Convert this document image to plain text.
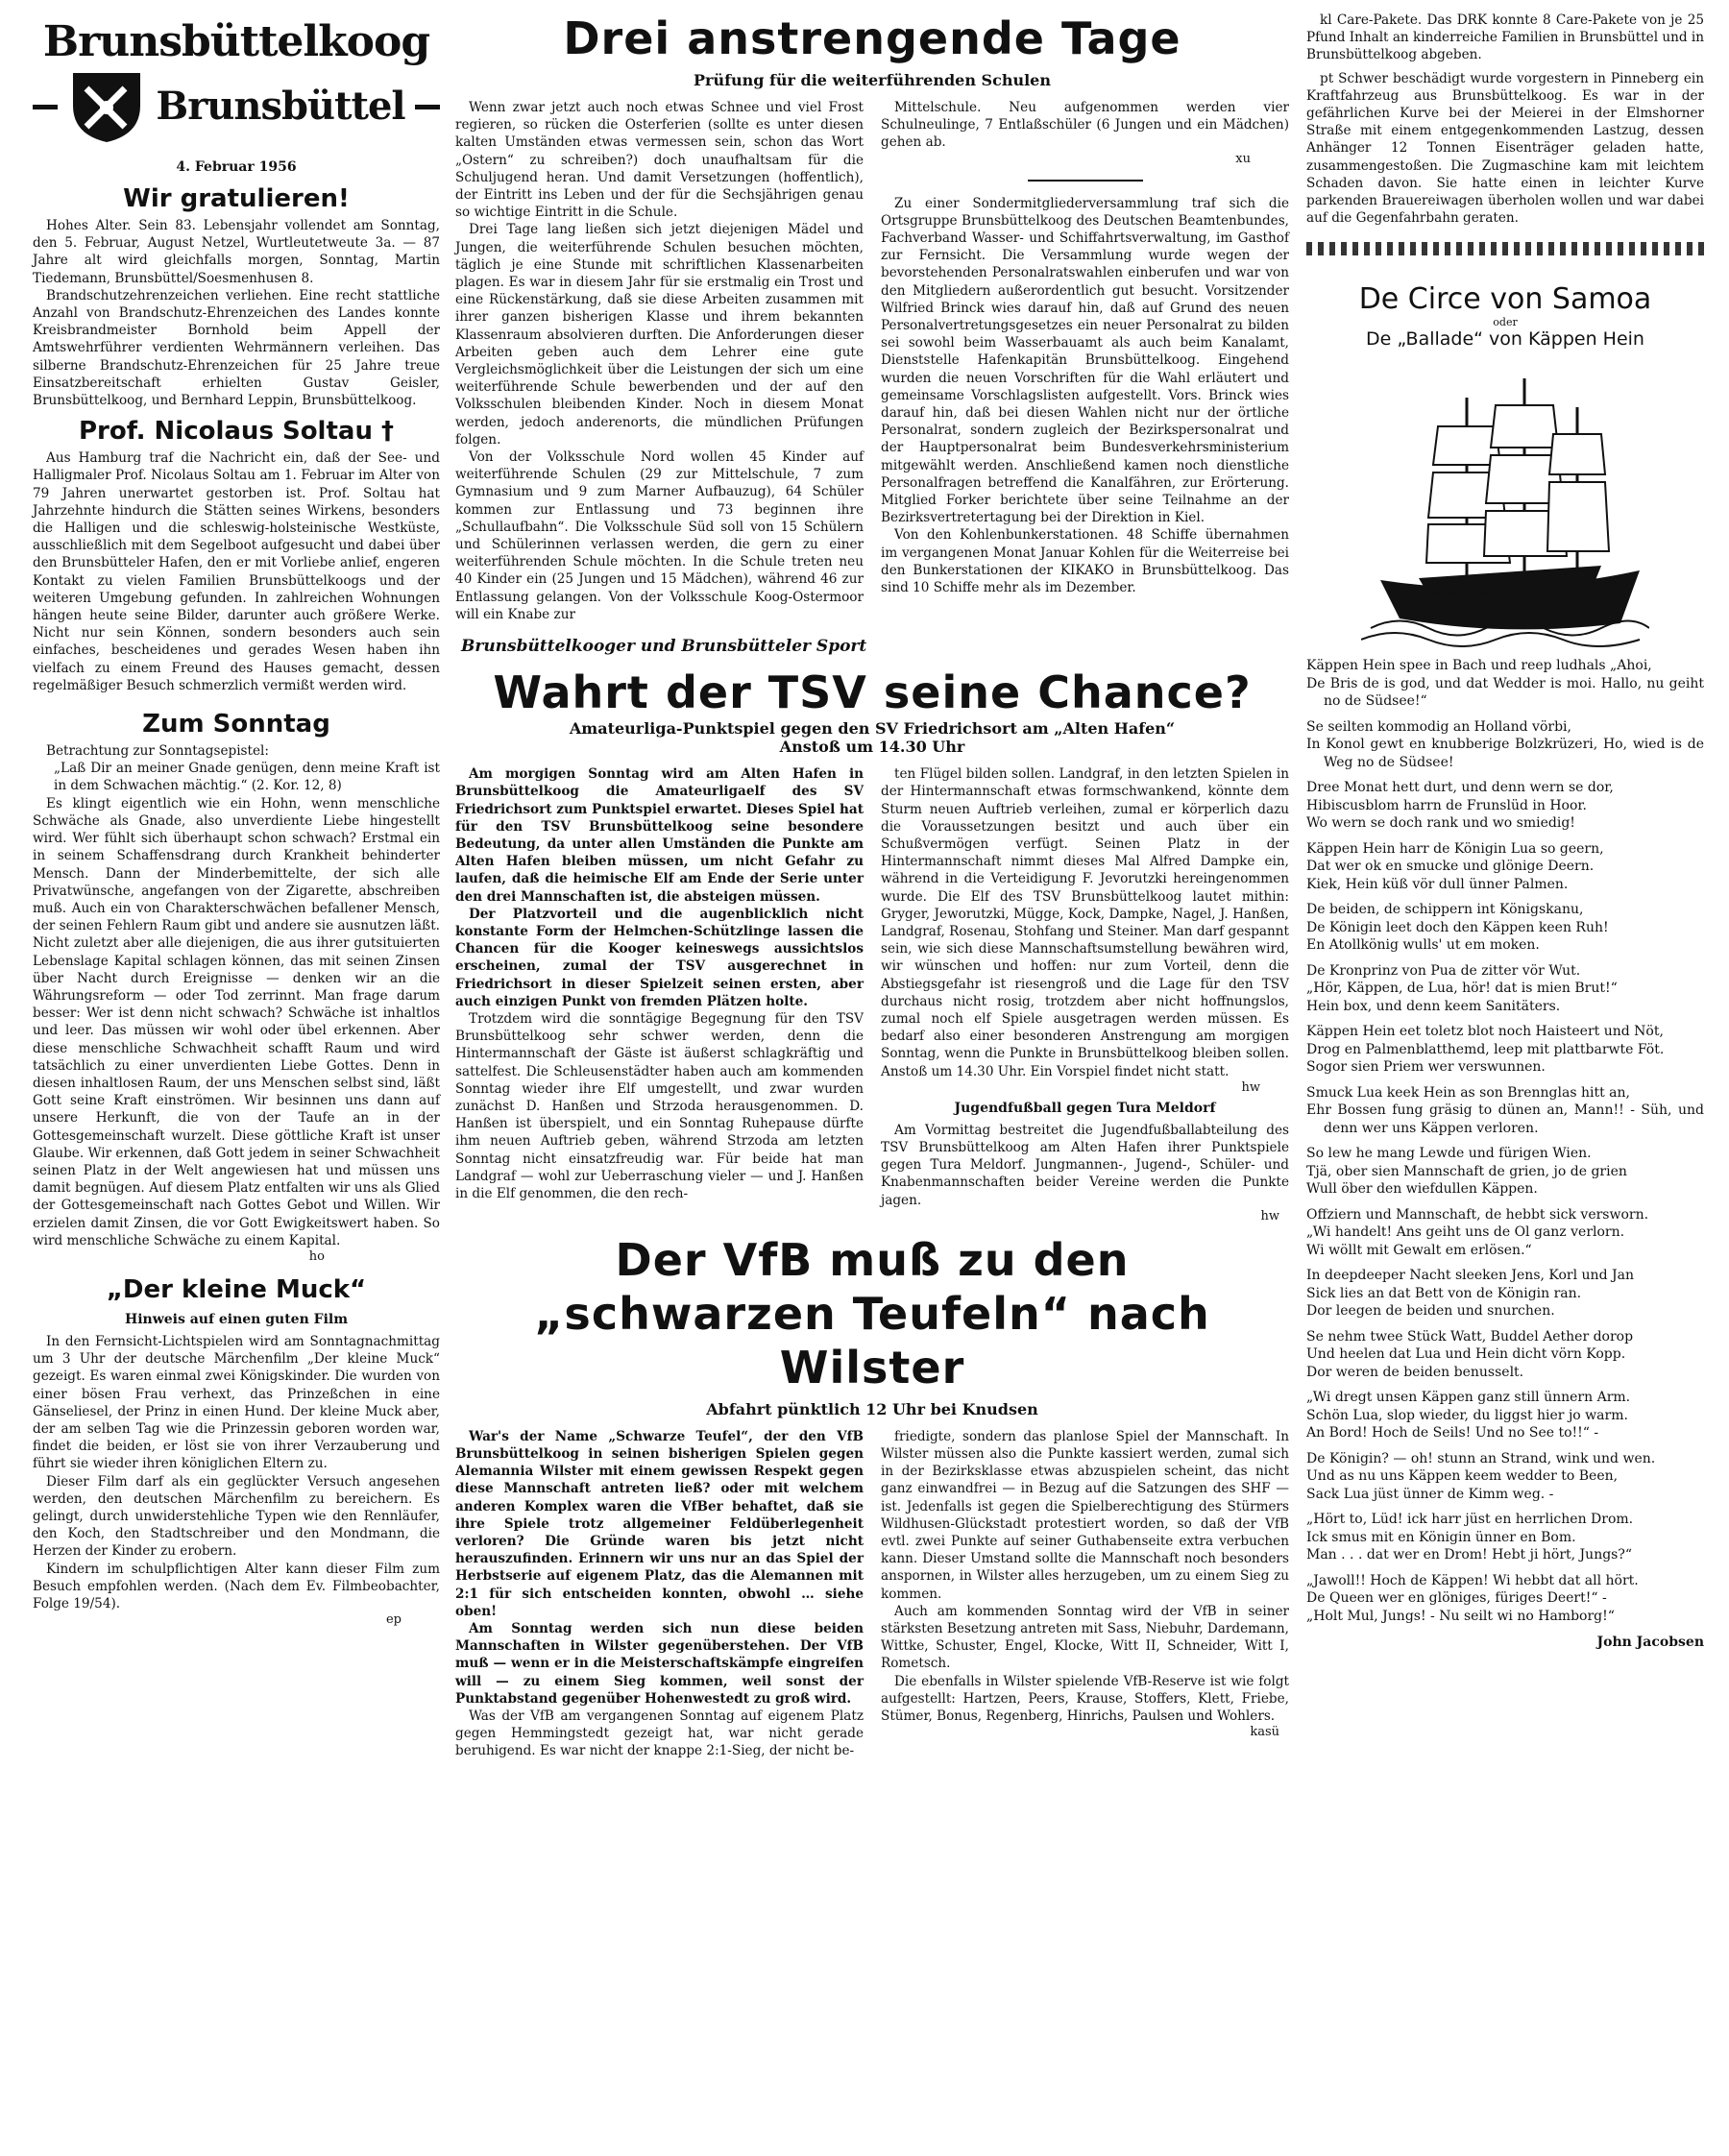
Brunsbüttelkoog
Brunsbüttel
4. Februar 1956
Wir gratulieren!

Hohes Alter. Sein 83. Lebensjahr vollendet am Sonntag, den 5. Februar, August Netzel, Wurtleutetweute 3a. — 87 Jahre alt wird gleichfalls morgen, Sonntag, Martin Tiedemann, Brunsbüttel/Soesmenhusen 8.

Brandschutzehrenzeichen verliehen. Eine recht stattliche Anzahl von Brandschutz-Ehrenzeichen des Landes konnte Kreisbrandmeister Bornhold beim Appell der Amtswehrführer verdienten Wehrmännern verleihen. Das silberne Brandschutz-Ehrenzeichen für 25 Jahre treue Einsatzbereitschaft erhielten Gustav Geisler, Brunsbüttelkoog, und Bernhard Leppin, Brunsbüttelkoog.

Prof. Nicolaus Soltau †

Aus Hamburg traf die Nachricht ein, daß der See- und Halligmaler Prof. Nicolaus Soltau am 1. Februar im Alter von 79 Jahren unerwartet gestorben ist. Prof. Soltau hat Jahrzehnte hindurch die Stätten seines Wirkens, besonders die Halligen und die schleswig-holsteinische Westküste, ausschließlich mit dem Segelboot aufgesucht und dabei über den Brunsbütteler Hafen, den er mit Vorliebe anlief, engeren Kontakt zu vielen Familien Brunsbüttelkoogs und der weiteren Umgebung gefunden. In zahlreichen Wohnungen hängen heute seine Bilder, darunter auch größere Werke. Nicht nur sein Können, sondern besonders auch sein einfaches, bescheidenes und gerades Wesen haben ihn vielfach zu einem Freund des Hauses gemacht, dessen regelmäßiger Besuch schmerzlich vermißt werden wird.

Zum Sonntag

Betrachtung zur Sonntagsepistel:

„Laß Dir an meiner Gnade genügen, denn meine Kraft ist in dem Schwachen mächtig.“ (2. Kor. 12, 8)

Es klingt eigentlich wie ein Hohn, wenn menschliche Schwäche als Gnade, also unverdiente Liebe hingestellt wird. Wer fühlt sich überhaupt schon schwach? Erstmal ein in seinem Schaffensdrang durch Krankheit behinderter Mensch. Dann der Minderbemittelte, der sich alle Privatwünsche, angefangen von der Zigarette, abschreiben muß. Auch ein von Charakterschwächen befallener Mensch, der seinen Fehlern Raum gibt und andere sie ausnutzen läßt. Nicht zuletzt aber alle diejenigen, die aus ihrer gutsituierten Lebenslage Kapital schlagen können, das mit seinen Zinsen über Nacht durch Ereignisse — denken wir an die Währungsreform — oder Tod zerrinnt. Man frage darum besser: Wer ist denn nicht schwach? Schwäche ist inhaltlos und leer. Das müssen wir wohl oder übel erkennen. Aber diese menschliche Schwachheit schafft Raum und wird tatsächlich zu einer unverdienten Liebe Gottes. Denn in diesen inhaltlosen Raum, der uns Menschen selbst sind, läßt Gott seine Kraft einströmen. Wir besinnen uns dann auf unsere Herkunft, die von der Taufe an in der Gottesgemeinschaft wurzelt. Diese göttliche Kraft ist unser Glaube. Wir erkennen, daß Gott jedem in seiner Schwachheit seinen Platz in der Welt angewiesen hat und müssen uns damit begnügen. Auf diesem Platz entfalten wir uns als Glied der Gottesgemeinschaft nach Gottes Gebot und Willen. Wir erzielen damit Zinsen, die vor Gott Ewigkeitswert haben. So wird menschliche Schwäche zu einem Kapital.

ho
„Der kleine Muck“
Hinweis auf einen guten Film

In den Fernsicht-Lichtspielen wird am Sonntagnachmittag um 3 Uhr der deutsche Märchenfilm „Der kleine Muck“ gezeigt. Es waren einmal zwei Königskinder. Die wurden von einer bösen Frau verhext, das Prinzeßchen in eine Gänseliesel, der Prinz in einen Hund. Der kleine Muck aber, der am selben Tag wie die Prinzessin geboren worden war, findet die beiden, er löst sie von ihrer Verzauberung und führt sie wieder ihren königlichen Eltern zu.

Dieser Film darf als ein geglückter Versuch angesehen werden, den deutschen Märchenfilm zu bereichern. Es gelingt, durch unwiderstehliche Typen wie den Rennläufer, den Koch, den Stadtschreiber und den Mondmann, die Herzen der Kinder zu erobern.

Kindern im schulpflichtigen Alter kann dieser Film zum Besuch empfohlen werden. (Nach dem Ev. Filmbeobachter, Folge 19/54).

ep
Drei anstrengende Tage
Prüfung für die weiterführenden Schulen

Wenn zwar jetzt auch noch etwas Schnee und viel Frost regieren, so rücken die Osterferien (sollte es unter diesen kalten Umständen etwas vermessen sein, schon das Wort „Ostern“ zu schreiben?) doch unaufhaltsam für die Schuljugend heran. Und damit Versetzungen (hoffentlich), der Eintritt ins Leben und der für die Sechsjährigen genau so wichtige Eintritt in die Schule.

Drei Tage lang ließen sich jetzt diejenigen Mädel und Jungen, die weiterführende Schulen besuchen möchten, täglich je eine Stunde mit schriftlichen Klassenarbeiten plagen. Es war in diesem Jahr für sie erstmalig ein Trost und eine Rückenstärkung, daß sie diese Arbeiten zusammen mit ihrer ganzen bisherigen Klasse und ihrem bekannten Klassenraum absolvieren durften. Die Anforderungen dieser Arbeiten geben auch dem Lehrer eine gute Vergleichsmöglichkeit über die Leistungen der sich um eine weiterführende Schule bewerbenden und der auf den Volksschulen bleibenden Kinder. Noch in diesem Monat werden, jedoch anderenorts, die mündlichen Prüfungen folgen.

Von der Volksschule Nord wollen 45 Kinder auf weiterführende Schulen (29 zur Mittelschule, 7 zum Gymnasium und 9 zum Marner Aufbauzug), 64 Schüler kommen zur Entlassung und 73 beginnen ihre „Schullaufbahn“. Die Volksschule Süd soll von 15 Schülern und Schülerinnen verlassen werden, die gern zu einer weiterführenden Schule möchten. In die Schule treten neu 40 Kinder ein (25 Jungen und 15 Mädchen), während 46 zur Entlassung gelangen. Von der Volksschule Koog-Ostermoor will ein Knabe zur

Mittelschule. Neu aufgenommen werden vier Schulneulinge, 7 Entlaßschüler (6 Jungen und ein Mädchen) gehen ab.

xu

Zu einer Sondermitgliederversammlung traf sich die Ortsgruppe Brunsbüttelkoog des Deutschen Beamtenbundes, Fachverband Wasser- und Schiffahrtsverwaltung, im Gasthof zur Fernsicht. Die Versammlung wurde wegen der bevorstehenden Personalratswahlen einberufen und war von den Mitgliedern außerordentlich gut besucht. Vorsitzender Wilfried Brinck wies darauf hin, daß auf Grund des neuen Personalvertretungsgesetzes ein neuer Personalrat zu bilden sei sowohl beim Wasserbauamt als auch beim Kanalamt, Dienststelle Hafenkapitän Brunsbüttelkoog. Eingehend wurden die neuen Vorschriften für die Wahl erläutert und gemeinsame Vorschlagslisten aufgestellt. Vors. Brinck wies darauf hin, daß bei diesen Wahlen nicht nur der örtliche Personalrat, sondern zugleich der Bezirkspersonalrat und der Hauptpersonalrat beim Bundesverkehrsministerium mitgewählt werden. Anschließend kamen noch dienstliche Personalfragen betreffend die Kanalfähren, zur Erörterung. Mitglied Forker berichtete über seine Teilnahme an der Bezirksvertretertagung bei der Direktion in Kiel.

Von den Kohlenbunkerstationen. 48 Schiffe übernahmen im vergangenen Monat Januar Kohlen für die Weiterreise bei den Bunkerstationen der KIKAKO in Brunsbüttelkoog. Das sind 10 Schiffe mehr als im Dezember.

Brunsbüttelkooger und Brunsbütteler Sport
Wahrt der TSV seine Chance?
Amateurliga-Punktspiel gegen den SV Friedrichsort am „Alten Hafen“
Anstoß um 14.30 Uhr

Am morgigen Sonntag wird am Alten Hafen in Brunsbüttelkoog die Amateurligaelf des SV Friedrichsort zum Punktspiel erwartet. Dieses Spiel hat für den TSV Brunsbüttelkoog seine besondere Bedeutung, da unter allen Umständen die Punkte am Alten Hafen bleiben müssen, um nicht Gefahr zu laufen, daß die heimische Elf am Ende der Serie unter den drei Mannschaften ist, die absteigen müssen.

Der Platzvorteil und die augenblicklich nicht konstante Form der Helmchen-Schützlinge lassen die Chancen für die Kooger keineswegs aussichtslos erscheinen, zumal der TSV ausgerechnet in Friedrichsort in dieser Spielzeit seinen ersten, aber auch einzigen Punkt von fremden Plätzen holte.

Trotzdem wird die sonntägige Begegnung für den TSV Brunsbüttelkoog sehr schwer werden, denn die Hintermannschaft der Gäste ist äußerst schlagkräftig und sattelfest. Die Schleusenstädter haben auch am kommenden Sonntag wieder ihre Elf umgestellt, und zwar wurden zunächst D. Hanßen und Strzoda herausgenommen. D. Hanßen ist überspielt, und ein Sonntag Ruhepause dürfte ihm neuen Auftrieb geben, während Strzoda am letzten Sonntag nicht einsatzfreudig war. Für beide hat man Landgraf — wohl zur Ueberraschung vieler — und J. Hanßen in die Elf genommen, die den rech-

ten Flügel bilden sollen. Landgraf, in den letzten Spielen in der Hintermannschaft etwas formschwankend, könnte dem Sturm neuen Auftrieb verleihen, zumal er körperlich dazu die Voraussetzungen besitzt und auch über ein Schußvermögen verfügt. Seinen Platz in der Hintermannschaft nimmt dieses Mal Alfred Dampke ein, während in die Verteidigung F. Jevorutzki hereingenommen wurde. Die Elf des TSV Brunsbüttelkoog lautet mithin: Gryger, Jeworutzki, Mügge, Kock, Dampke, Nagel, J. Hanßen, Landgraf, Rosenau, Stohfang und Steiner. Man darf gespannt sein, wie sich diese Mannschaftsumstellung bewähren wird, wir wünschen und hoffen: nur zum Vorteil, denn die Abstiegsgefahr ist riesengroß und die Lage für den TSV durchaus nicht rosig, trotzdem aber nicht hoffnungslos, zumal noch elf Spiele ausgetragen werden müssen. Es bedarf also einer besonderen Anstrengung am morgigen Sonntag, wenn die Punkte in Brunsbüttelkoog bleiben sollen. Anstoß um 14.30 Uhr. Ein Vorspiel findet nicht statt.

hw
Jugendfußball gegen Tura Meldorf

Am Vormittag bestreitet die Jugendfußballabteilung des TSV Brunsbüttelkoog am Alten Hafen ihrer Punktspiele gegen Tura Meldorf. Jungmannen-, Jugend-, Schüler- und Knabenmannschaften beider Vereine werden die Punkte jagen.

hw
Der VfB muß zu den
„schwarzen Teufeln“ nach Wilster
Abfahrt pünktlich 12 Uhr bei Knudsen

War's der Name „Schwarze Teufel“, der den VfB Brunsbüttelkoog in seinen bisherigen Spielen gegen Alemannia Wilster mit einem gewissen Respekt gegen diese Mannschaft antreten ließ? oder mit welchem anderen Komplex waren die VfBer behaftet, daß sie ihre Spiele trotz allgemeiner Feldüberlegenheit verloren? Die Gründe waren bis jetzt nicht herauszufinden. Erinnern wir uns nur an das Spiel der Herbstserie auf eigenem Platz, das die Alemannen mit 2:1 für sich entscheiden konnten, obwohl … siehe oben!

Am Sonntag werden sich nun diese beiden Mannschaften in Wilster gegenüberstehen. Der VfB muß — wenn er in die Meisterschaftskämpfe eingreifen will — zu einem Sieg kommen, weil sonst der Punktabstand gegenüber Hohenwestedt zu groß wird.

Was der VfB am vergangenen Sonntag auf eigenem Platz gegen Hemmingstedt gezeigt hat, war nicht gerade beruhigend. Es war nicht der knappe 2:1-Sieg, der nicht be-

friedigte, sondern das planlose Spiel der Mannschaft. In Wilster müssen also die Punkte kassiert werden, zumal sich in der Bezirksklasse etwas abzuspielen scheint, das nicht ganz einwandfrei — in Bezug auf die Satzungen des SHF — ist. Jedenfalls ist gegen die Spielberechtigung des Stürmers Wildhusen-Glückstadt protestiert worden, so daß der VfB evtl. zwei Punkte auf seiner Guthabenseite extra verbuchen kann. Dieser Umstand sollte die Mannschaft noch besonders anspornen, in Wilster alles herzugeben, um zu einem Sieg zu kommen.

Auch am kommenden Sonntag wird der VfB in seiner stärksten Besetzung antreten mit Sass, Niebuhr, Dardemann, Wittke, Schuster, Engel, Klocke, Witt II, Schneider, Witt I, Rometsch.

Die ebenfalls in Wilster spielende VfB-Reserve ist wie folgt aufgestellt: Hartzen, Peers, Krause, Stoffers, Klett, Friebe, Stümer, Bonus, Regenberg, Hinrichs, Paulsen und Wohlers.

kasü

kl Care-Pakete. Das DRK konnte 8 Care-Pakete von je 25 Pfund Inhalt an kinderreiche Familien in Brunsbüttel und in Brunsbüttelkoog abgeben.

pt Schwer beschädigt wurde vorgestern in Pinneberg ein Kraftfahrzeug aus Brunsbüttelkoog. Es war in der gefährlichen Kurve bei der Meierei in der Elmshorner Straße mit einem entgegenkommenden Lastzug, dessen Anhänger 12 Tonnen Eisenträger geladen hatte, zusammengestoßen. Die Zugmaschine kam mit leichtem Schaden davon. Sie hatte einen in leichter Kurve parkenden Brauereiwagen überholen wollen und war dabei auf die Gegenfahrbahn geraten.

De Circe von Samoa
oder
De „Ballade“ von Käppen Hein

Käppen Hein spee in Bach und reep ludhals „Ahoi,

De Bris de is god, und dat Wedder is moi. Hallo, nu geiht no de Südsee!“

Se seilten kommodig an Holland vörbi,

In Konol gewt en knubberige Bolzkrüzeri, Ho, wied is de Weg no de Südsee!

Dree Monat hett durt, und denn wern se dor,

Hibiscusblom harrn de Frunslüd in Hoor.

Wo wern se doch rank und wo smiedig!

Käppen Hein harr de Königin Lua so geern,

Dat wer ok en smucke und glönige Deern.

Kiek, Hein küß vör dull ünner Palmen.

De beiden, de schippern int Königskanu,

De Königin leet doch den Käppen keen Ruh!

En Atollkönig wulls' ut em moken.

De Kronprinz von Pua de zitter vör Wut.

„Hör, Käppen, de Lua, hör! dat is mien Brut!“

Hein box, und denn keem Sanitäters.

Käppen Hein eet toletz blot noch Haisteert und Nöt,

Drog en Palmenblatthemd, leep mit plattbarwte Föt.

Sogor sien Priem wer verswunnen.

Smuck Lua keek Hein as son Brennglas hitt an,

Ehr Bossen fung gräsig to dünen an, Mann!! - Süh, und denn wer uns Käppen verloren.

So lew he mang Lewde und fürigen Wien.

Tjä, ober sien Mannschaft de grien, jo de grien

Wull öber den wiefdullen Käppen.

Offziern und Mannschaft, de hebbt sick versworn.

„Wi handelt! Ans geiht uns de Ol ganz verlorn.

Wi wöllt mit Gewalt em erlösen.“

In deepdeeper Nacht sleeken Jens, Korl und Jan

Sick lies an dat Bett von de Königin ran.

Dor leegen de beiden und snurchen.

Se nehm twee Stück Watt, Buddel Aether dorop

Und heelen dat Lua und Hein dicht vörn Kopp.

Dor weren de beiden benusselt.

„Wi dregt unsen Käppen ganz still ünnern Arm.

Schön Lua, slop wieder, du liggst hier jo warm.

An Bord! Hoch de Seils! Und no See to!!“ -

De Königin? — oh! stunn an Strand, wink und wen.

Und as nu uns Käppen keem wedder to Been,

Sack Lua jüst ünner de Kimm weg. -

„Hört to, Lüd! ick harr jüst en herrlichen Drom.

Ick smus mit en Königin ünner en Bom.

Man . . . dat wer en Drom! Hebt ji hört, Jungs?“

„Jawoll!! Hoch de Käppen! Wi hebbt dat all hört.

De Queen wer en glöniges, füriges Deert!“ -

„Holt Mul, Jungs! - Nu seilt wi no Hamborg!“

John Jacobsen
